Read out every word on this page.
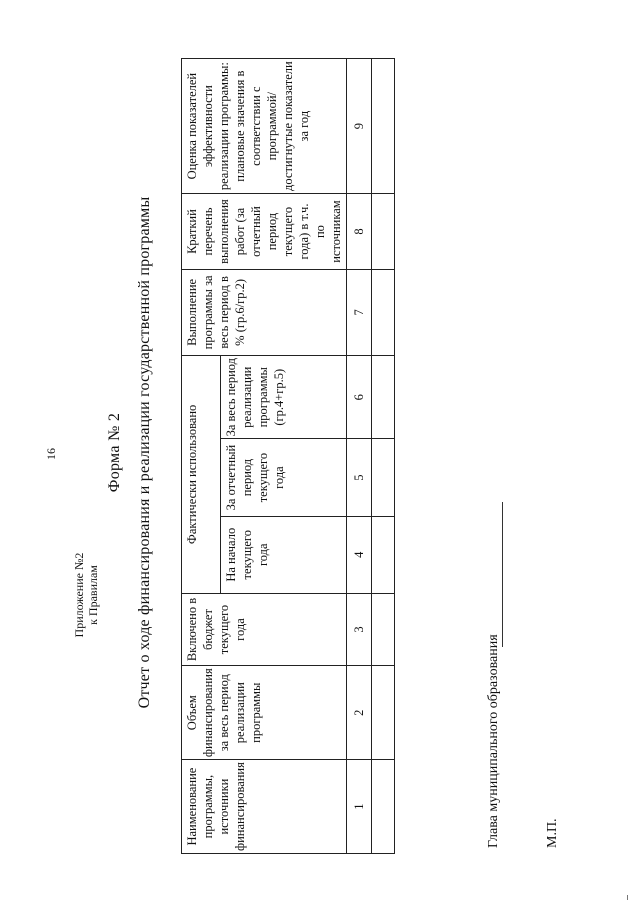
16
Приложение №2 к Правилам
Форма № 2 Отчет о ходе финансирования и реализации государственной программы
Наименование программы, источники финансирования	Объем финансирования за весь период реализации программы	Включено в бюджет текущего года	Фактически использовано			Выполнение программы за весь период в % (гр.6/гр.2)	Краткий перечень выполнения работ (за отчетный период текущего года) в т.ч. по источникам	Оценка показателей эффективности реализации программы: плановые значения в соответствии с программой/ достигнутые показатели за год
			На начало текущего года	За отчетный период текущего года	За весь период реализации программы (гр.4+гр.5)			
1	2	3	4	5	6	7	8	9

Глава муниципального образования	М.П.
